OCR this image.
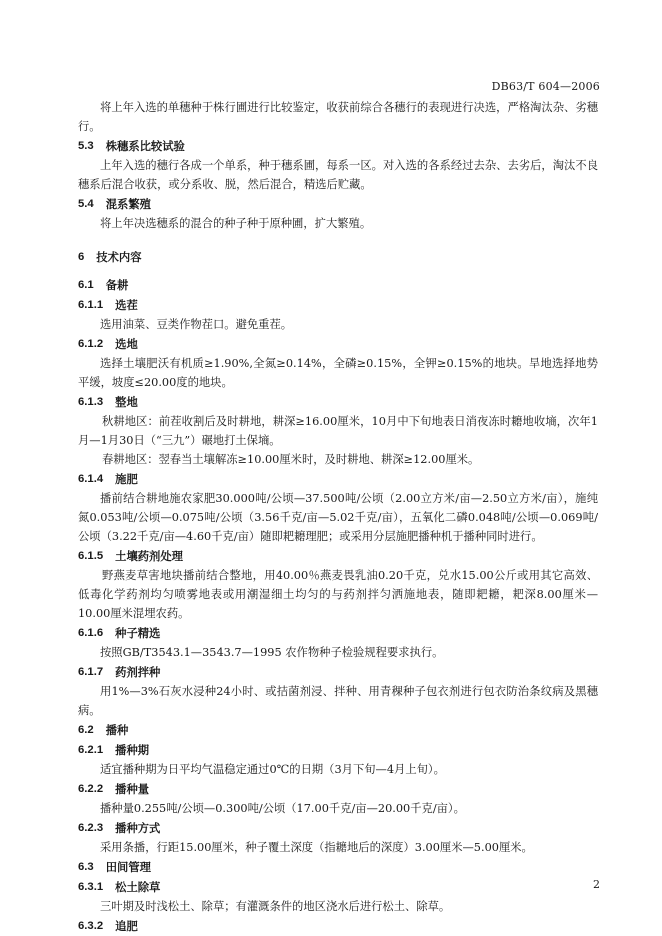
DB63/T 604—2006

将上年入选的单穗种于株行圃进行比较鉴定，收获前综合各穗行的表现进行决选，严格淘汰杂、劣穗行。

5.3 株穗系比较试验

上年入选的穗行各成一个单系，种于穗系圃，每系一区。对入选的各系经过去杂、去劣后，淘汰不良穗系后混合收获，或分系收、脱，然后混合，精选后贮藏。

5.4 混系繁殖

将上年决选穗系的混合的种子种于原种圃，扩大繁殖。

6 技术内容
6.1 备耕
6.1.1 选茬

选用油菜、豆类作物茬口。避免重茬。

6.1.2 选地

选择土壤肥沃有机质≥1.90%,全氮≥0.14%，全磷≥0.15%，全钾≥0.15%的地块。旱地选择地势平缓，坡度≤20.00度的地块。

6.1.3 整地

秋耕地区：前茬收割后及时耕地，耕深≥16.00厘米，10月中下旬地表日消夜冻时耱地收墒，次年1月—1月30日（“三九”）碾地打土保墒。

春耕地区：翌春当土壤解冻≥10.00厘米时，及时耕地、耕深≥12.00厘米。

6.1.4 施肥

播前结合耕地施农家肥30.000吨/公顷—37.500吨/公顷（2.00立方米/亩—2.50立方米/亩），施纯氮0.053吨/公顷—0.075吨/公顷（3.56千克/亩—5.02千克/亩），五氧化二磷0.048吨/公顷—0.069吨/公顷（3.22千克/亩—4.60千克/亩）随即耙耱理肥；或采用分层施肥播种机于播种同时进行。

6.1.5 土壤药剂处理

野燕麦草害地块播前结合整地，用40.00％燕麦畏乳油0.20千克，兑水15.00公斤或用其它高效、低毒化学药剂均匀喷雾地表或用潮湿细土均匀的与药剂拌匀洒施地表，随即耙耱，耙深8.00厘米—10.00厘米混埋农药。

6.1.6 种子精选

按照GB/T3543.1—3543.7—1995 农作物种子检验规程要求执行。

6.1.7 药剂拌种

用1%—3%石灰水浸种24小时、或拮菌剂浸、拌种、用青稞种子包衣剂进行包衣防治条纹病及黑穗病。

6.2 播种
6.2.1 播种期

适宜播种期为日平均气温稳定通过0℃的日期（3月下旬—4月上旬）。

6.2.2 播种量

播种量0.255吨/公顷—0.300吨/公顷（17.00千克/亩—20.00千克/亩）。

6.2.3 播种方式

采用条播，行距15.00厘米，种子覆土深度（指耱地后的深度）3.00厘米—5.00厘米。

6.3 田间管理
6.3.1 松土除草

三叶期及时浅松土、除草；有灌溉条件的地区浇水后进行松土、除草。

6.3.2 追肥
2
